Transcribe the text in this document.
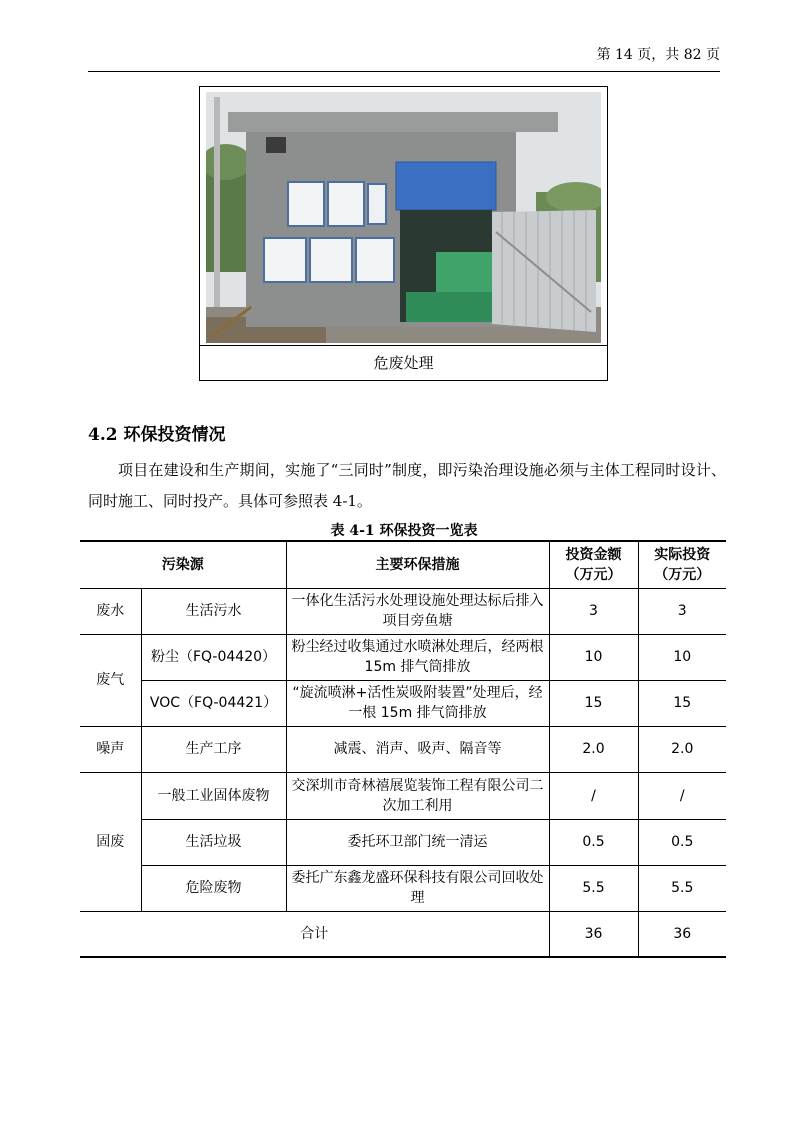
第 14 页，共 82 页
危废处理
4.2 环保投资情况
项目在建设和生产期间，实施了“三同时”制度，即污染治理设施必须与主体工程同时设计、同时施工、同时投产。具体可参照表 4-1。
表 4-1 环保投资一览表
污染源		主要环保措施	投资金额（万元）	实际投资（万元）
废水	生活污水	一体化生活污水处理设施处理达标后排入项目旁鱼塘	3	3
废气	粉尘（FQ-04420）	粉尘经过收集通过水喷淋处理后，经两根 15m 排气筒排放	10	10
	VOC（FQ-04421）	“旋流喷淋+活性炭吸附装置”处理后，经一根 15m 排气筒排放	15	15
噪声	生产工序	减震、消声、吸声、隔音等	2.0	2.0
固废	一般工业固体废物	交深圳市奇林禧展览装饰工程有限公司二次加工利用	/	/
	生活垃圾	委托环卫部门统一清运	0.5	0.5
	危险废物	委托广东鑫龙盛环保科技有限公司回收处理	5.5	5.5
合计			36	36
